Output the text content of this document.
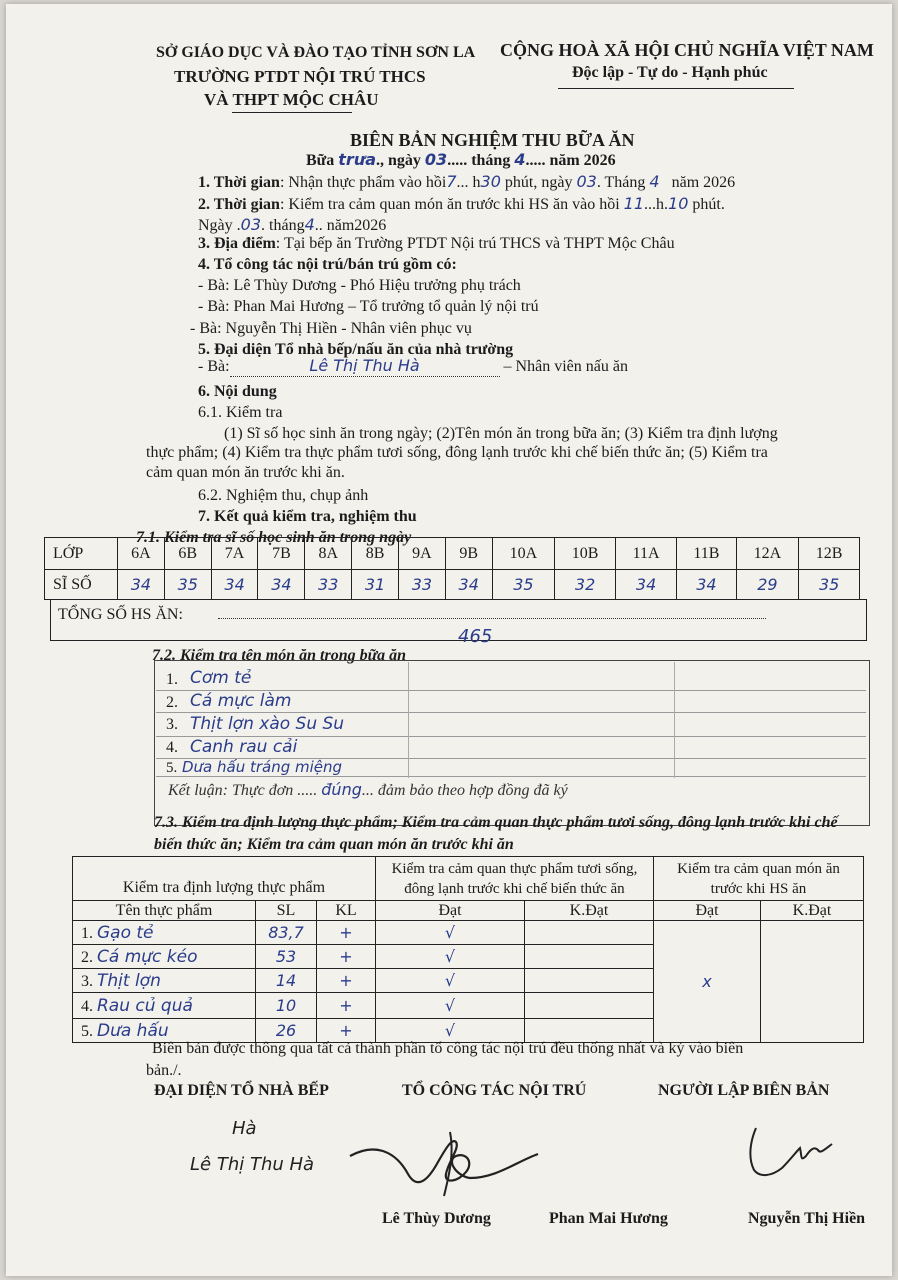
SỞ GIÁO DỤC VÀ ĐÀO TẠO TỈNH SƠN LA
TRƯỜNG PTDT NỘI TRÚ THCS
VÀ THPT MỘC CHÂU
CỘNG HOÀ XÃ HỘI CHỦ NGHĨA VIỆT NAM
Độc lập - Tự do - Hạnh phúc
BIÊN BẢN NGHIỆM THU BỮA ĂN
Bữa trưa., ngày 03..... tháng 4..... năm 2026
1. Thời gian: Nhận thực phẩm vào hồi7... h30 phút, ngày 03. Tháng 4 năm 2026
2. Thời gian: Kiểm tra cảm quan món ăn trước khi HS ăn vào hồi 11...h.10 phút.
Ngày .03. tháng4.. năm2026
3. Địa điểm: Tại bếp ăn Trường PTDT Nội trú THCS và THPT Mộc Châu
4. Tổ công tác nội trú/bán trú gồm có:
- Bà: Lê Thùy Dương - Phó Hiệu trưởng phụ trách
- Bà: Phan Mai Hương – Tổ trưởng tổ quản lý nội trú
- Bà: Nguyễn Thị Hiền - Nhân viên phục vụ
5. Đại diện Tổ nhà bếp/nấu ăn của nhà trường
- Bà:	Lê Thị Thu Hà	– Nhân viên nấu ăn
6. Nội dung
6.1. Kiểm tra
(1) Sĩ số học sinh ăn trong ngày; (2)Tên món ăn trong bữa ăn; (3) Kiểm tra định lượng
thực phẩm; (4) Kiểm tra thực phẩm tươi sống, đông lạnh trước khi chế biến thức ăn; (5) Kiểm tra
cảm quan món ăn trước khi ăn.
6.2. Nghiệm thu, chụp ảnh
7. Kết quả kiểm tra, nghiệm thu
7.1. Kiểm tra sĩ số học sinh ăn trong ngày
LỚP	6A	6B	7A	7B	8A	8B	9A	9B	10A	10B	11A	11B	12A	12B
SĨ SỐ	34	35	34	34	33	31	33	34	35	32	34	34	29	35
TỔNG SỐ HS ĂN:
465
7.2. Kiểm tra tên món ăn trong bữa ăn
1. Cơm tẻ
2. Cá mực làm
3. Thịt lợn xào Su Su
4. Canh rau cải
5. Dưa hấu tráng miệng
Kết luận: Thực đơn ..... đúng... đảm bảo theo hợp đồng đã ký
7.3. Kiểm tra định lượng thực phẩm; Kiểm tra cảm quan thực phẩm tươi sống, đông lạnh trước khi chế
biến thức ăn; Kiểm tra cảm quan món ăn trước khi ăn
Kiểm tra định lượng thực phẩm			Kiểm tra cảm quan thực phẩm tươi sống,
đông lạnh trước khi chế biến thức ăn		Kiểm tra cảm quan món ăn
trước khi HS ăn	
Tên thực phẩm	SL	KL	Đạt	K.Đạt	Đạt	K.Đạt
1. Gạo tẻ	83,7	+	√		x	
2. Cá mực kéo	53	+	√			
3. Thịt lợn	14	+	√			
4. Rau củ quả	10	+	√			
5. Dưa hấu	26	+	√			
Biên bản được thông qua tất cả thành phần tổ công tác nội trú đều thống nhất và ký vào biên
bản./.
ĐẠI DIỆN TỔ NHÀ BẾP	TỔ CÔNG TÁC NỘI TRÚ	NGƯỜI LẬP BIÊN BẢN
Hà
Lê Thị Thu Hà
Lê Thùy Dương	Phan Mai Hương	Nguyễn Thị Hiền
